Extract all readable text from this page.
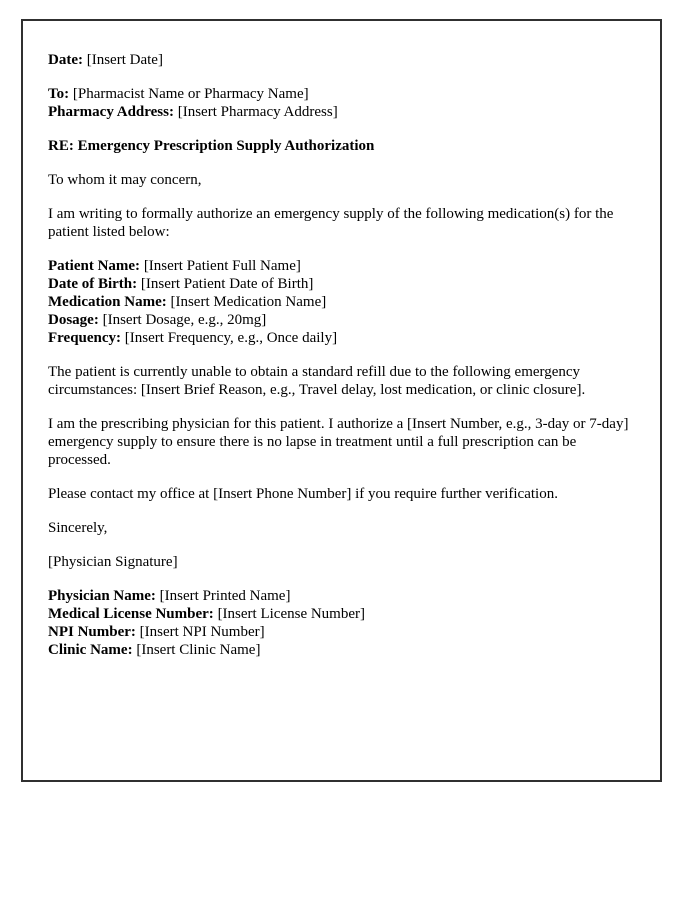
Date: [Insert Date]
To: [Pharmacist Name or Pharmacy Name]
Pharmacy Address: [Insert Pharmacy Address]
RE: Emergency Prescription Supply Authorization
To whom it may concern,
I am writing to formally authorize an emergency supply of the following medication(s) for the patient listed below:
Patient Name: [Insert Patient Full Name]
Date of Birth: [Insert Patient Date of Birth]
Medication Name: [Insert Medication Name]
Dosage: [Insert Dosage, e.g., 20mg]
Frequency: [Insert Frequency, e.g., Once daily]
The patient is currently unable to obtain a standard refill due to the following emergency circumstances: [Insert Brief Reason, e.g., Travel delay, lost medication, or clinic closure].
I am the prescribing physician for this patient. I authorize a [Insert Number, e.g., 3-day or 7-day] emergency supply to ensure there is no lapse in treatment until a full prescription can be processed.
Please contact my office at [Insert Phone Number] if you require further verification.
Sincerely,
[Physician Signature]
Physician Name: [Insert Printed Name]
Medical License Number: [Insert License Number]
NPI Number: [Insert NPI Number]
Clinic Name: [Insert Clinic Name]
